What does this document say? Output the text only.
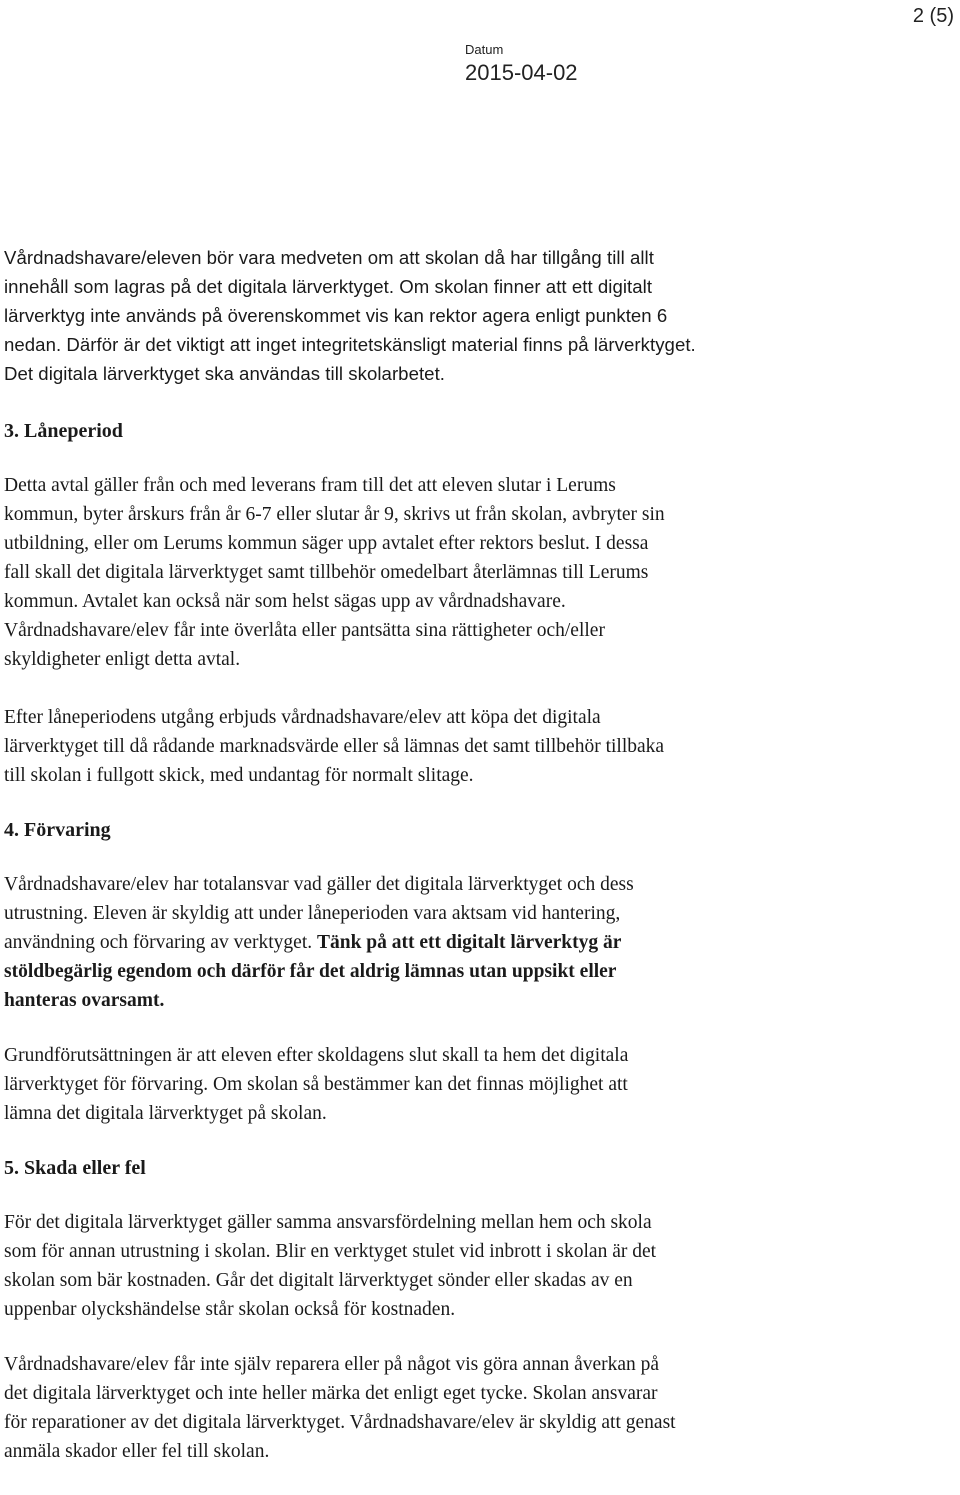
2 (5)
Datum
2015-04-02

Vårdnadshavare/eleven bör vara medveten om att skolan då har tillgång till allt
innehåll som lagras på det digitala lärverktyget. Om skolan finner att ett digitalt
lärverktyg inte används på överenskommet vis kan rektor agera enligt punkten 6
nedan. Därför är det viktigt att inget integritetskänsligt material finns på lärverktyget.
Det digitala lärverktyget ska användas till skolarbetet.

3. Låneperiod

Detta avtal gäller från och med leverans fram till det att eleven slutar i Lerums
kommun, byter årskurs från år 6-7 eller slutar år 9, skrivs ut från skolan, avbryter sin
utbildning, eller om Lerums kommun säger upp avtalet efter rektors beslut. I dessa
fall skall det digitala lärverktyget samt tillbehör omedelbart återlämnas till Lerums
kommun. Avtalet kan också när som helst sägas upp av vårdnadshavare.
Vårdnadshavare/elev får inte överlåta eller pantsätta sina rättigheter och/eller
skyldigheter enligt detta avtal.

Efter låneperiodens utgång erbjuds vårdnadshavare/elev att köpa det digitala
lärverktyget till då rådande marknadsvärde eller så lämnas det samt tillbehör tillbaka
till skolan i fullgott skick, med undantag för normalt slitage.

4. Förvaring

Vårdnadshavare/elev har totalansvar vad gäller det digitala lärverktyget och dess
utrustning. Eleven är skyldig att under låneperioden vara aktsam vid hantering,
användning och förvaring av verktyget. Tänk på att ett digitalt lärverktyg är
stöldbegärlig egendom och därför får det aldrig lämnas utan uppsikt eller
hanteras ovarsamt.

Grundförutsättningen är att eleven efter skoldagens slut skall ta hem det digitala
lärverktyget för förvaring. Om skolan så bestämmer kan det finnas möjlighet att
lämna det digitala lärverktyget på skolan.

5. Skada eller fel

För det digitala lärverktyget gäller samma ansvarsfördelning mellan hem och skola
som för annan utrustning i skolan. Blir en verktyget stulet vid inbrott i skolan är det
skolan som bär kostnaden. Går det digitalt lärverktyget sönder eller skadas av en
uppenbar olyckshändelse står skolan också för kostnaden.

Vårdnadshavare/elev får inte själv reparera eller på något vis göra annan åverkan på
det digitala lärverktyget och inte heller märka det enligt eget tycke. Skolan ansvarar
för reparationer av det digitala lärverktyget. Vårdnadshavare/elev är skyldig att genast
anmäla skador eller fel till skolan.
